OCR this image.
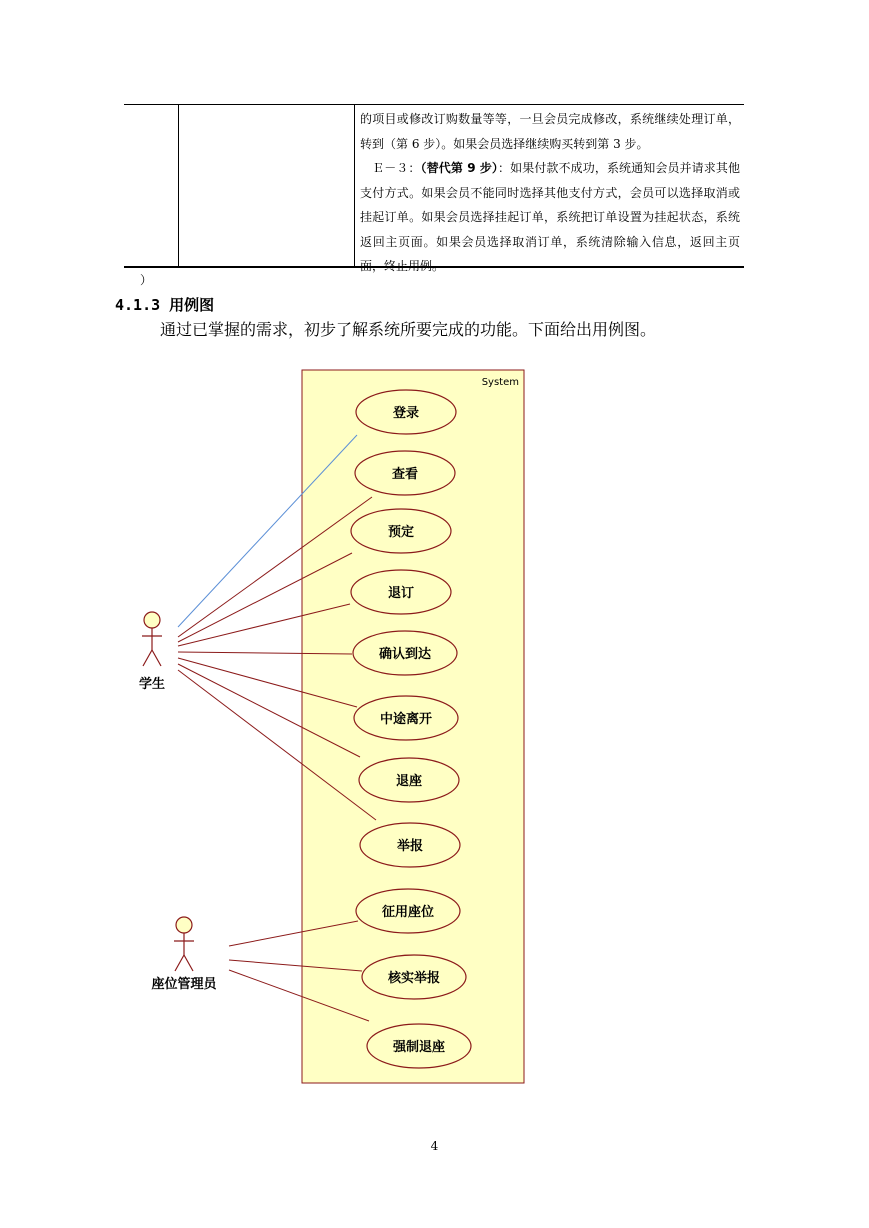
的项目或修改订购数量等等，一旦会员完成修改，系统继续处理订单，转到（第 6 步）。如果会员选择继续购买转到第 3 步。

　Ｅ－３：（替代第 9 步）：如果付款不成功，系统通知会员并请求其他支付方式。如果会员不能同时选择其他支付方式，会员可以选择取消或挂起订单。如果会员选择挂起订单，系统把订单设置为挂起状态，系统返回主页面。如果会员选择取消订单，系统清除输入信息，返回主页面，终止用例。

）
4.1.3 用例图
通过已掌握的需求，初步了解系统所要完成的功能。下面给出用例图。
System
登录
查看
预定
退订
确认到达
中途离开
退座
举报
征用座位
核实举报
强制退座
学生
座位管理员
4
